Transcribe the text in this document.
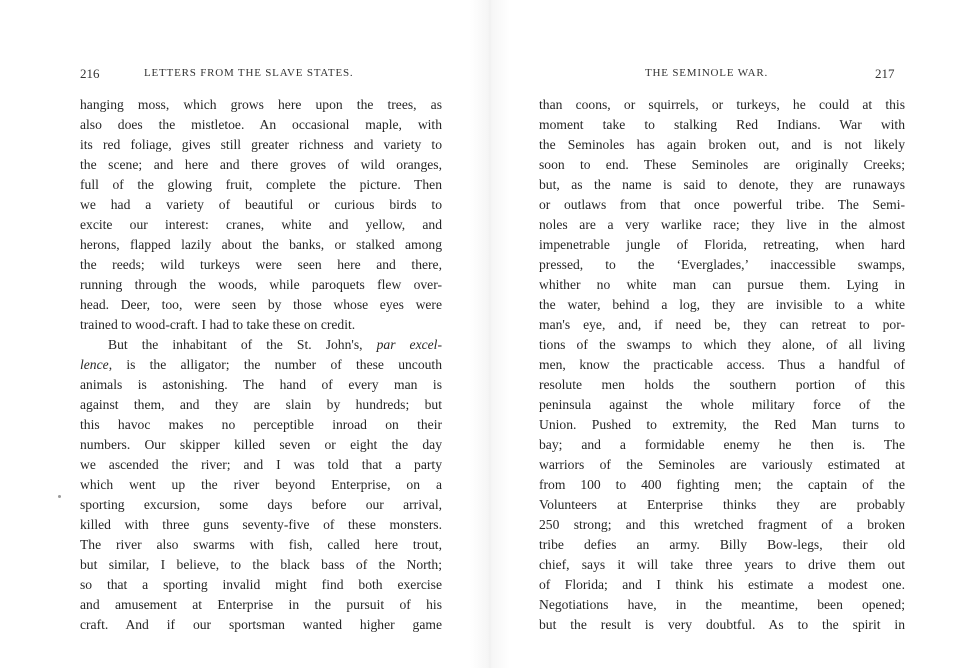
216	LETTERS FROM THE SLAVE STATES.
hanging moss, which grows here upon the trees, as
also does the mistletoe. An occasional maple, with
its red foliage, gives still greater richness and variety to
the scene; and here and there groves of wild oranges,
full of the glowing fruit, complete the picture. Then
we had a variety of beautiful or curious birds to
excite our interest: cranes, white and yellow, and
herons, flapped lazily about the banks, or stalked among
the reeds; wild turkeys were seen here and there,
running through the woods, while paroquets flew over-
head. Deer, too, were seen by those whose eyes were
trained to wood-craft. I had to take these on credit.
But the inhabitant of the St. John's, par excel-
lence, is the alligator; the number of these uncouth
animals is astonishing. The hand of every man is
against them, and they are slain by hundreds; but
this havoc makes no perceptible inroad on their
numbers. Our skipper killed seven or eight the day
we ascended the river; and I was told that a party
which went up the river beyond Enterprise, on a
sporting excursion, some days before our arrival,
killed with three guns seventy-five of these monsters.
The river also swarms with fish, called here trout,
but similar, I believe, to the black bass of the North;
so that a sporting invalid might find both exercise
and amusement at Enterprise in the pursuit of his
craft. And if our sportsman wanted higher game
THE SEMINOLE WAR.	217
than coons, or squirrels, or turkeys, he could at this
moment take to stalking Red Indians. War with
the Seminoles has again broken out, and is not likely
soon to end. These Seminoles are originally Creeks;
but, as the name is said to denote, they are runaways
or outlaws from that once powerful tribe. The Semi-
noles are a very warlike race; they live in the almost
impenetrable jungle of Florida, retreating, when hard
pressed, to the ‘Everglades,’ inaccessible swamps,
whither no white man can pursue them. Lying in
the water, behind a log, they are invisible to a white
man's eye, and, if need be, they can retreat to por-
tions of the swamps to which they alone, of all living
men, know the practicable access. Thus a handful of
resolute men holds the southern portion of this
peninsula against the whole military force of the
Union. Pushed to extremity, the Red Man turns to
bay; and a formidable enemy he then is. The
warriors of the Seminoles are variously estimated at
from 100 to 400 fighting men; the captain of the
Volunteers at Enterprise thinks they are probably
250 strong; and this wretched fragment of a broken
tribe defies an army. Billy Bow-legs, their old
chief, says it will take three years to drive them out
of Florida; and I think his estimate a modest one.
Negotiations have, in the meantime, been opened;
but the result is very doubtful. As to the spirit in
